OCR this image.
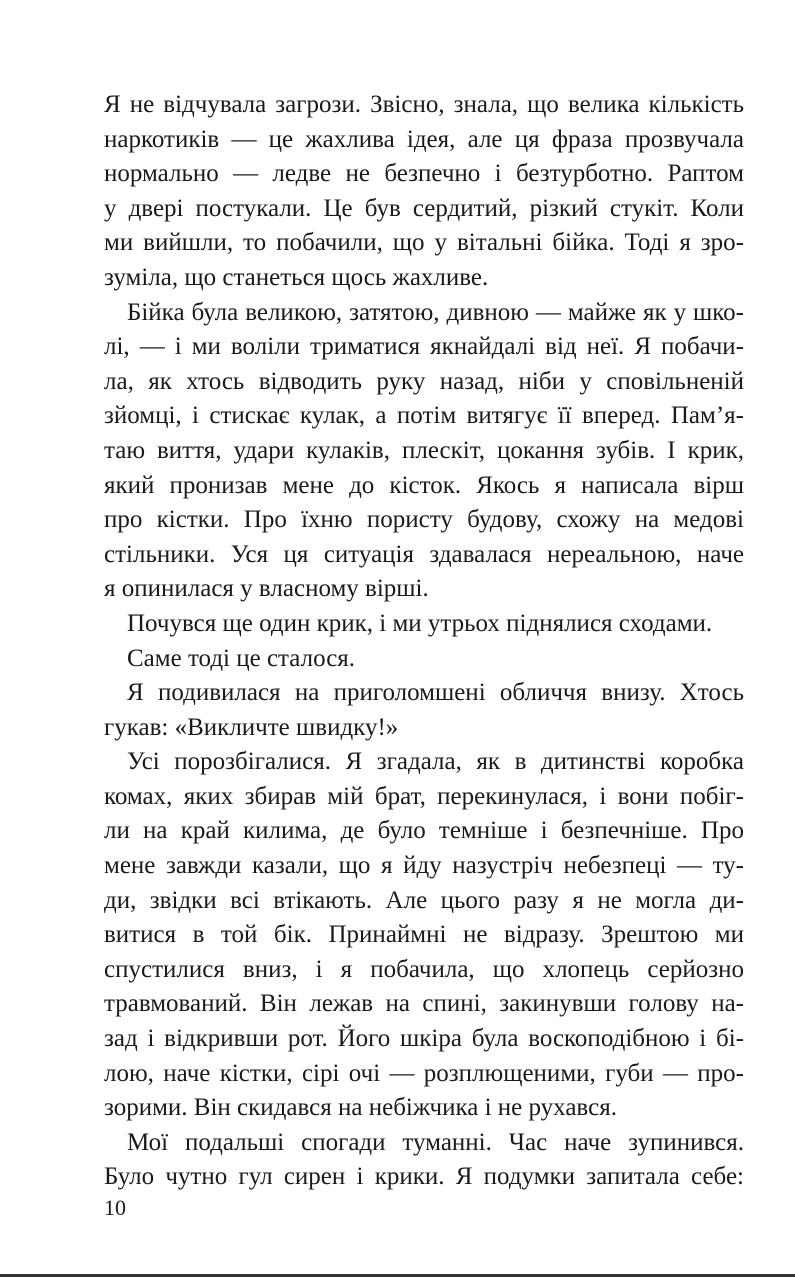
Я не відчувала загрози. Звісно, знала, що велика кількість
наркотиків — це жахлива ідея, але ця фраза прозвучала
нормально — ледве не безпечно і безтурботно. Раптом
у двері постукали. Це був сердитий, різкий стукіт. Коли
ми вийшли, то побачили, що у вітальні бійка. Тоді я зро-
зуміла, що станеться щось жахливе.
Бійка була великою, затятою, дивною — майже як у шко-
лі, — і ми воліли триматися якнайдалі від неї. Я побачи-
ла, як хтось відводить руку назад, ніби у сповільненій
зйомці, і стискає кулак, а потім витягує її вперед. Пам’я-
таю виття, удари кулаків, плескіт, цокання зубів. І крик,
який пронизав мене до кісток. Якось я написала вірш
про кістки. Про їхню пористу будову, схожу на медові
стільники. Уся ця ситуація здавалася нереальною, наче
я опинилася у власному вірші.
Почувся ще один крик, і ми утрьох піднялися сходами.
Саме тоді це сталося.
Я подивилася на приголомшені обличчя внизу. Хтось
гукав: «Викличте швидку!»
Усі порозбігалися. Я згадала, як в дитинстві коробка
комах, яких збирав мій брат, перекинулася, і вони побіг-
ли на край килима, де було темніше і безпечніше. Про
мене завжди казали, що я йду назустріч небезпеці — ту-
ди, звідки всі втікають. Але цього разу я не могла ди-
витися в той бік. Принаймні не відразу. Зрештою ми
спустилися вниз, і я побачила, що хлопець серйозно
травмований. Він лежав на спині, закинувши голову на-
зад і відкривши рот. Його шкіра була воскоподібною і бі-
лою, наче кістки, сірі очі — розплющеними, губи — про-
зорими. Він скидався на небіжчика і не рухався.
Мої подальші спогади туманні. Час наче зупинився.
Було чутно гул сирен і крики. Я подумки запитала себе:
10
